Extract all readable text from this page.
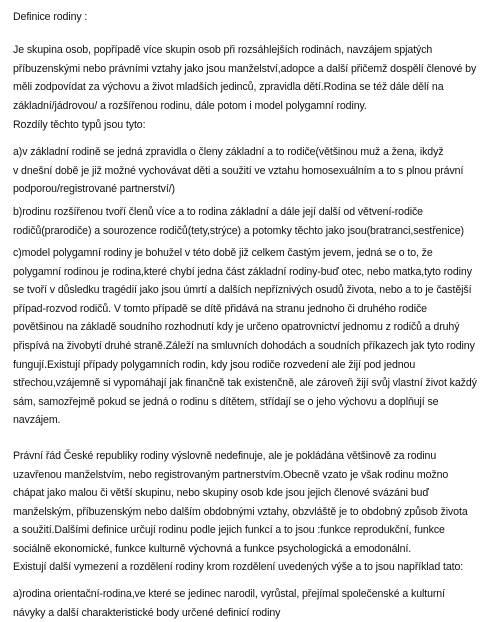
Definice rodiny :

Je skupina osob, popřípadě více skupin osob při rozsáhlejších rodinách, navzájem spjatých
příbuzenskými nebo právními vztahy jako jsou manželství,adopce a další přičemž dospělí členové by
měli zodpovídat za výchovu a život mladších jedinců, zpravidla dětí.Rodina se též dále dělí na
základní/jádrovou/ a rozšířenou rodinu, dále potom i model polygamní rodiny.

Rozdíly těchto typů jsou tyto:

a)v základní rodině se jedná zpravidla o členy základní a to rodiče(většinou muž a žena, ikdyž
v dnešní době je již možné vychovávat děti a soužití ve vztahu homosexuálním a to s plnou právní
podporou/registrované partnerství/)

b)rodinu rozšířenou tvoří členů více a to rodina základní a dále její další od větvení-rodiče
rodičů(prarodiče) a sourozence rodičů(tety,strýce) a potomky těchto jako jsou(bratranci,sestřenice)

c)model polygamní rodiny je bohužel v této době již celkem častým jevem, jedná se o to, že
polygamní rodinou je rodina,které chybí jedna část základní rodiny-buď otec, nebo matka,tyto rodiny
se tvoří v důsledku tragédií jako jsou úmrtí a dalších nepříznivých osudů života, nebo a to je častější
případ-rozvod rodičů. V tomto případě se dítě přidává na stranu jednoho či druhého rodiče
povětšinou na základě soudního rozhodnutí kdy je určeno opatrovnictví jednomu z rodičů a druhý
přispívá na živobytí druhé straně.Záleží na smluvních dohodách a soudních příkazech jak tyto rodiny
fungují.Existují případy polygamních rodin, kdy jsou rodiče rozvedení ale žijí pod jednou
střechou,vzájemně si vypomáhají jak finančně tak existenčně, ale zároveň žijí svůj vlastní život každý
sám, samozřejmě pokud se jedná o rodinu s dítětem, střídají se o jeho výchovu a doplňují se
navzájem.

Právní řád České republiky rodiny výslovně nedefinuje, ale je pokládána většinově za rodinu
uzavřenou manželstvím, nebo registrovaným partnerstvím.Obecně vzato je však rodinu možno
chápat jako malou či větší skupinu, nebo skupiny osob kde jsou jejich členové svázáni buď
manželským, příbuzenským nebo dalším obdobnými vztahy, obzvláště je to obdobný způsob života
a soužití.Dalšími definice určují rodinu podle jejich funkcí a to jsou :funkce reprodukční, funkce
sociálně ekonomické, funkce kulturně výchovná a funkce psychologická a emodonální.

Existují další vymezení a rozdělení rodiny krom rozdělení uvedených výše a to jsou například tato:

a)rodina orientační-rodina,ve které se jedinec narodil, vyrůstal, přejímal společenské a kulturní
návyky a další charakteristické body určené definicí rodiny
